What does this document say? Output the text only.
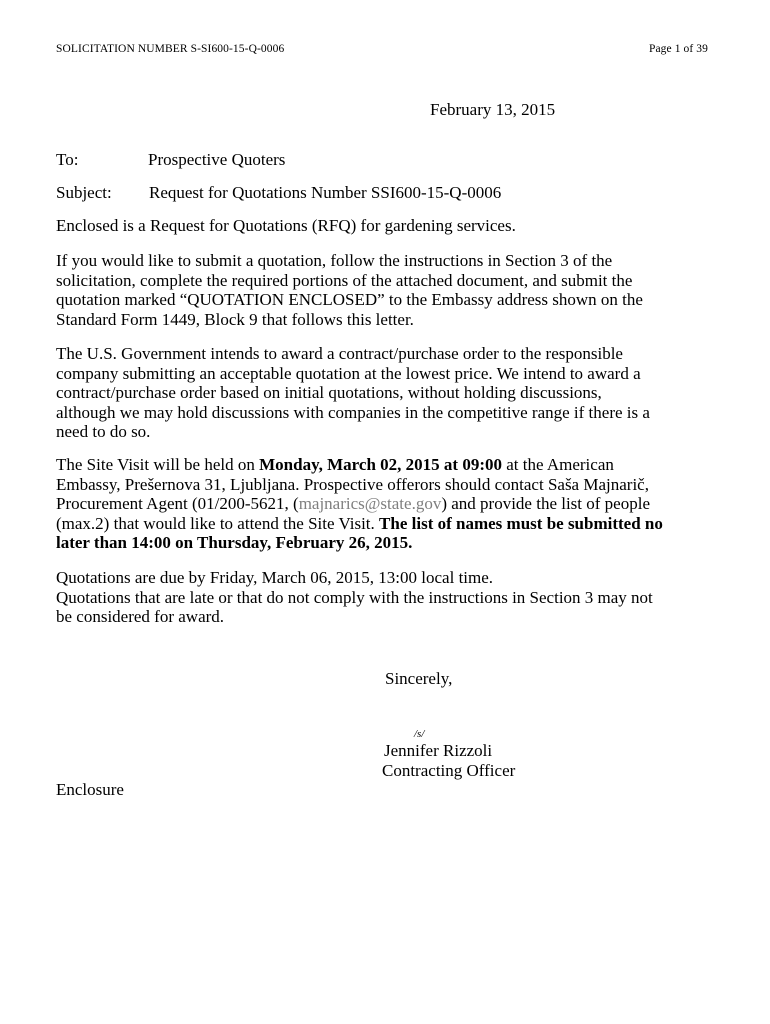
SOLICITATION NUMBER S-SI600-15-Q-0006	Page 1 of 39
February 13, 2015
To:	Prospective Quoters
Subject: Request for Quotations Number SSI600-15-Q-0006
Enclosed is a Request for Quotations (RFQ) for gardening services.
If you would like to submit a quotation, follow the instructions in Section 3 of the
solicitation, complete the required portions of the attached document, and submit the
quotation marked “QUOTATION ENCLOSED” to the Embassy address shown on the
Standard Form 1449, Block 9 that follows this letter.
The U.S. Government intends to award a contract/purchase order to the responsible
company submitting an acceptable quotation at the lowest price. We intend to award a
contract/purchase order based on initial quotations, without holding discussions,
although we may hold discussions with companies in the competitive range if there is a
need to do so.
The Site Visit will be held on Monday, March 02, 2015 at 09:00 at the American
Embassy, Prešernova 31, Ljubljana. Prospective offerors should contact Saša Majnarič,
Procurement Agent (01/200-5621, (majnarics@state.gov) and provide the list of people
(max.2) that would like to attend the Site Visit. The list of names must be submitted no
later than 14:00 on Thursday, February 26, 2015.
Quotations are due by Friday, March 06, 2015, 13:00 local time.
Quotations that are late or that do not comply with the instructions in Section 3 may not
be considered for award.
Sincerely,
/s/
Jennifer Rizzoli
Contracting Officer
Enclosure
